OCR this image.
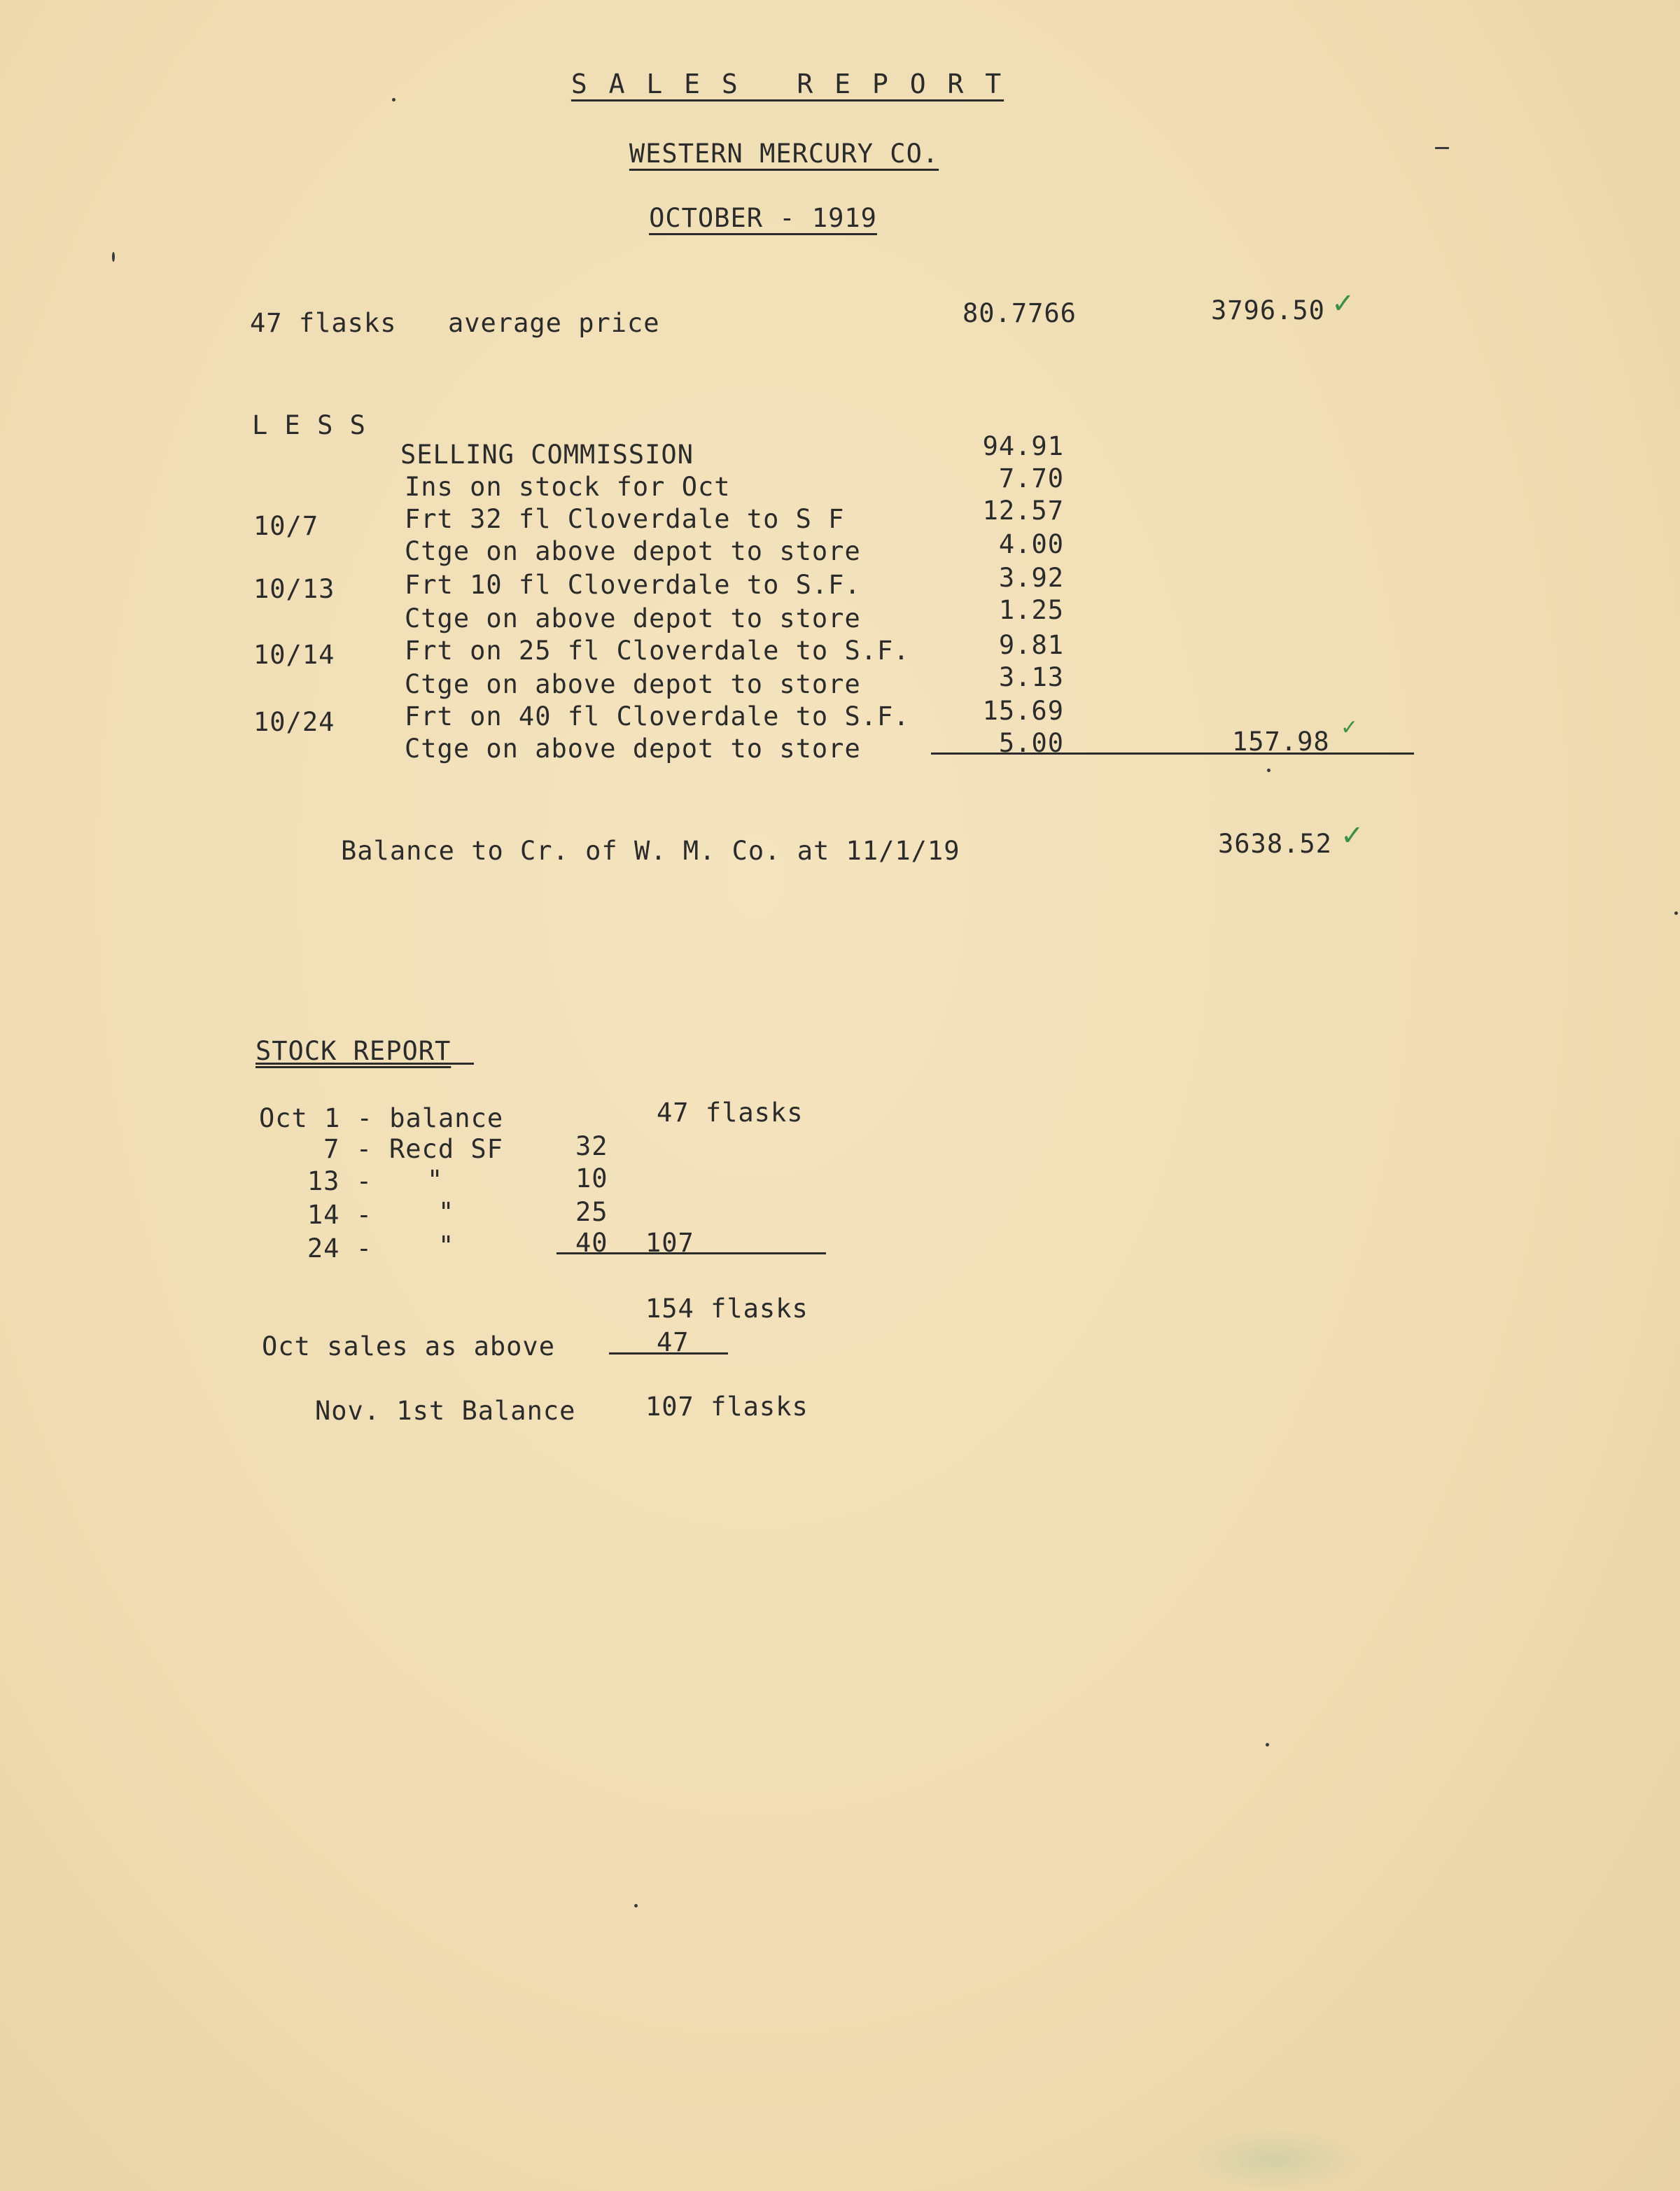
S A L E S   R E P O R T
WESTERN MERCURY CO.
OCTOBER - 1919
47 flasks average price	80.7766	3796.50 ✓
L E S S
SELLING COMMISSION	94.91
Ins on stock for Oct	7.70
10/7	Frt 32 fl Cloverdale to S F	12.57
Ctge on above depot to store	4.00
10/13	Frt 10 fl Cloverdale to S.F.	3.92
Ctge on above depot to store	1.25
10/14	Frt on 25 fl Cloverdale to S.F.	9.81
Ctge on above depot to store	3.13
10/24	Frt on 40 fl Cloverdale to S.F.	15.69
Ctge on above depot to store	5.00	157.98 ✓
Balance to Cr. of W. M. Co. at 11/1/19	3638.52 ✓
STOCK REPORT
Oct 1 - balance	47 flasks
7 - Recd SF	32
13 - "	10
14 -	"	25
24 -	"	40 107
154 flasks
Oct sales as above	47
Nov. 1st Balance	107 flasks
